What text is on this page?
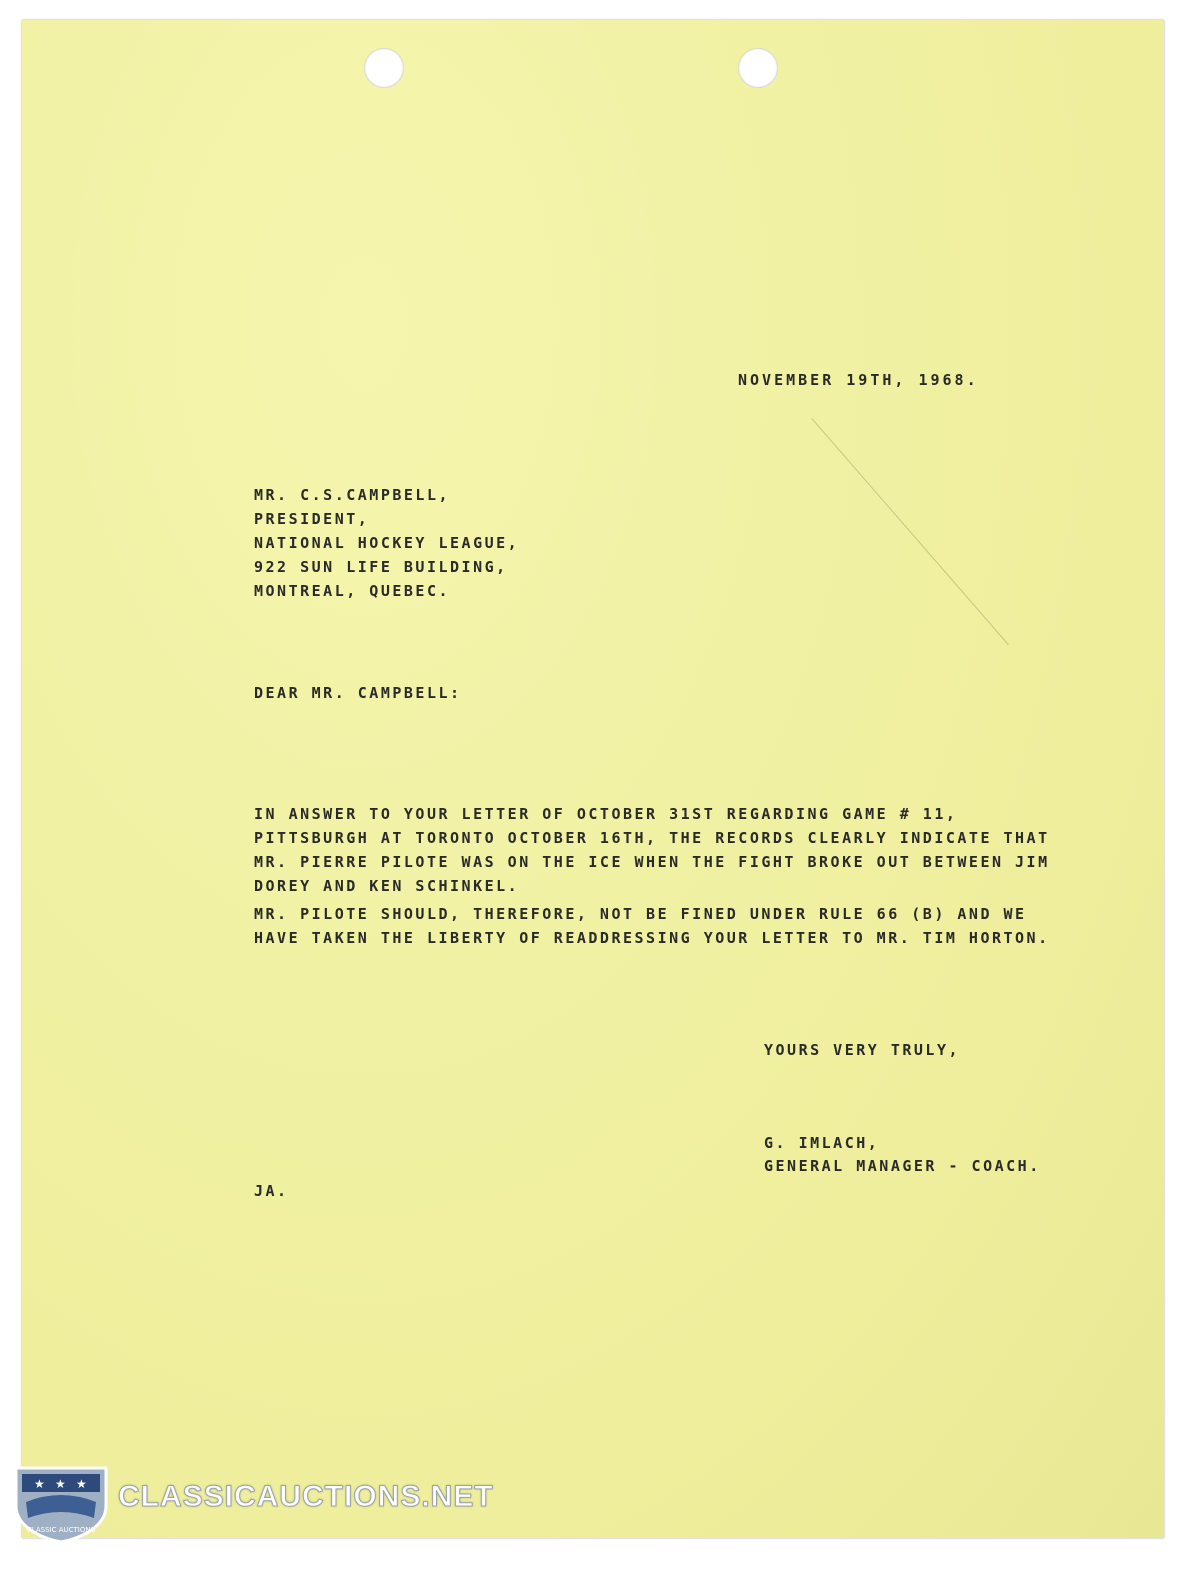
NOVEMBER 19TH, 1968.

MR. C.S.CAMPBELL,
PRESIDENT,
NATIONAL HOCKEY LEAGUE,
922 SUN LIFE BUILDING,
MONTREAL, QUEBEC.

DEAR MR. CAMPBELL:

IN ANSWER TO YOUR LETTER OF OCTOBER 31ST REGARDING GAME # 11, PITTSBURGH AT TORONTO OCTOBER 16TH, THE RECORDS CLEARLY INDICATE THAT MR. PIERRE PILOTE WAS ON THE ICE WHEN THE FIGHT BROKE OUT BETWEEN JIM DOREY AND KEN SCHINKEL.

MR. PILOTE SHOULD, THEREFORE, NOT BE FINED UNDER RULE 66 (B) AND WE HAVE TAKEN THE LIBERTY OF READDRESSING YOUR LETTER TO MR. TIM HORTON.

YOURS VERY TRULY,

G. IMLACH,

GENERAL MANAGER - COACH.

JA.

★ ★ ★
CLASSIC AUCTIONS
CLASSICAUCTIONS.NET
